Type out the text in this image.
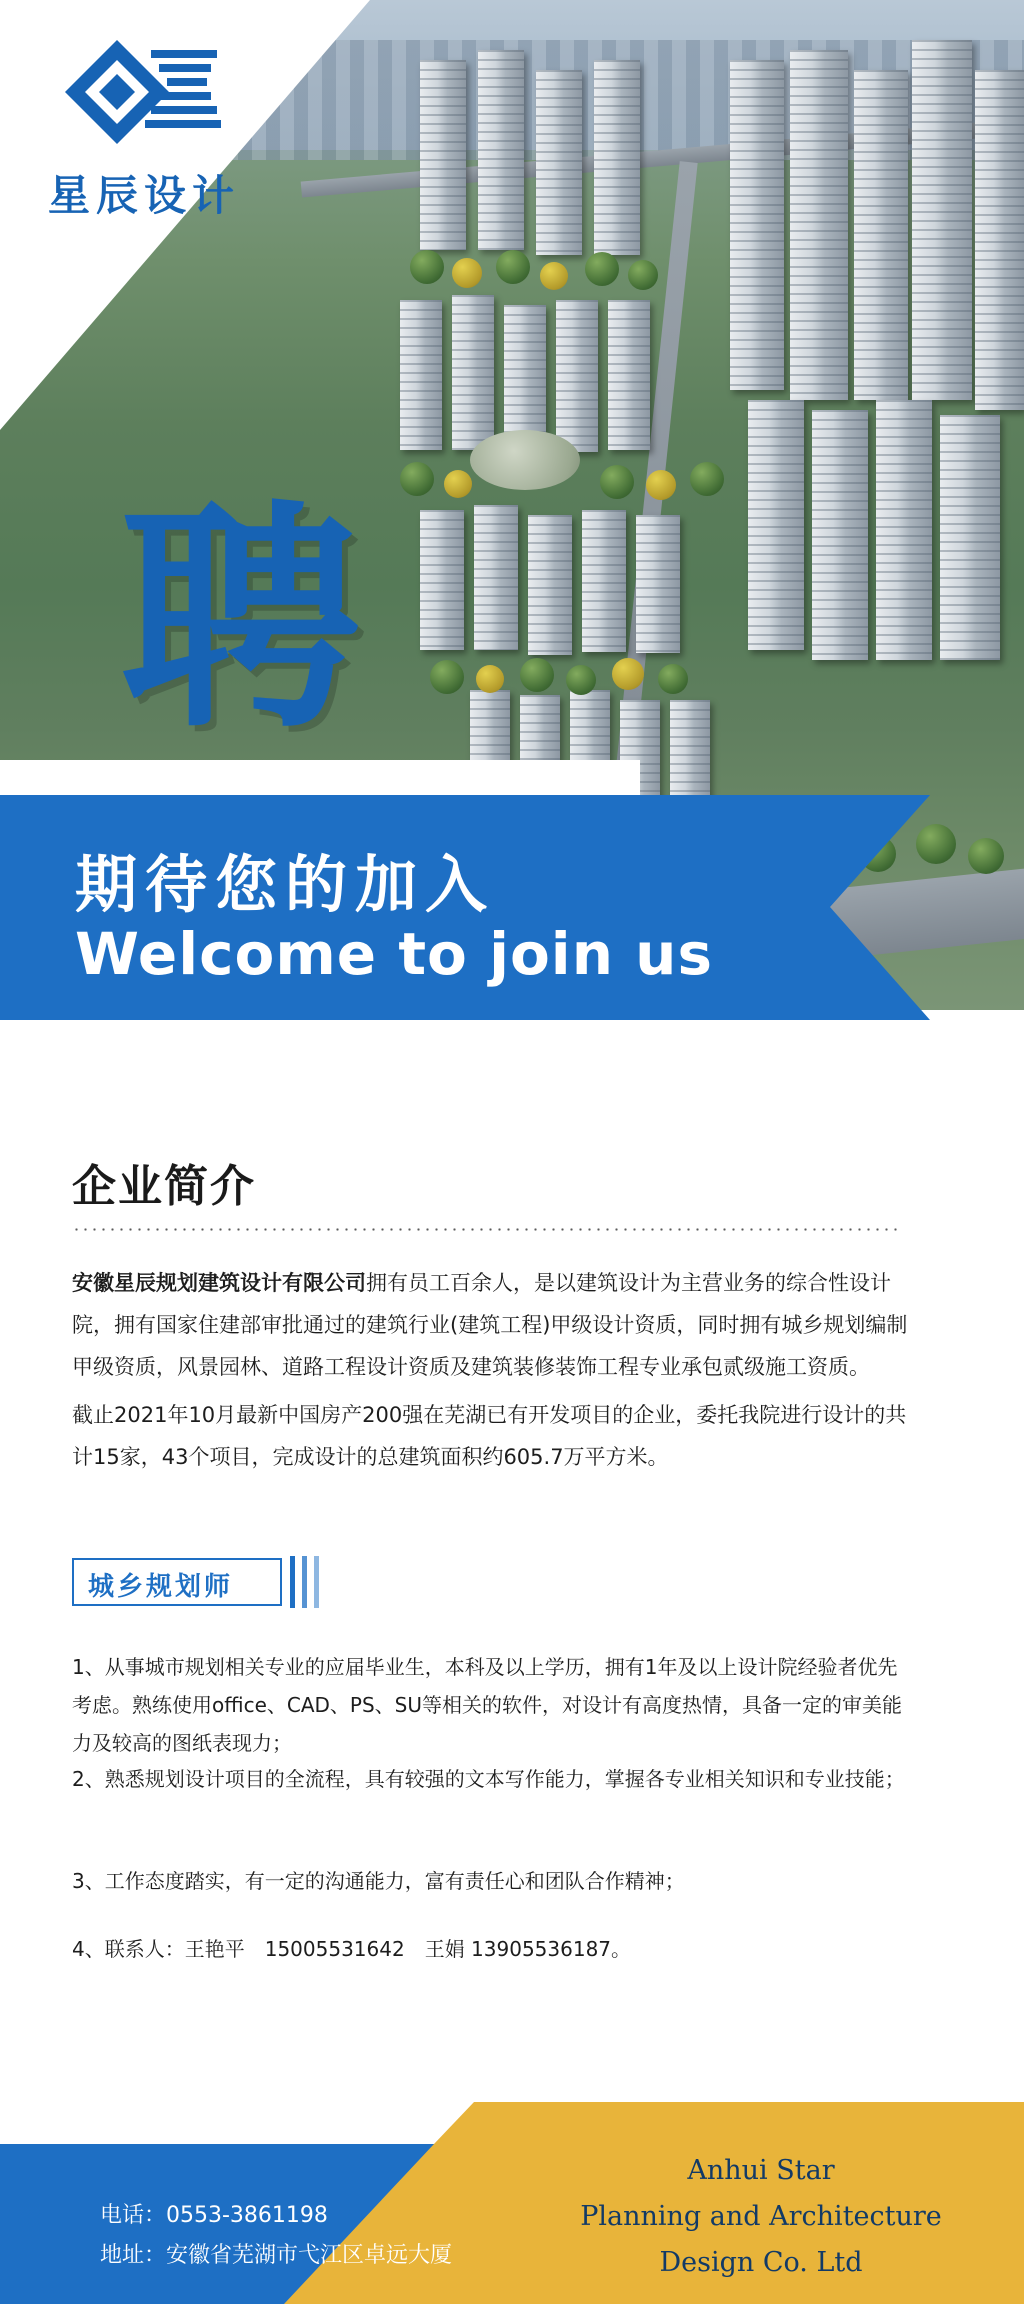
星辰设计
聘
期待您的加入
Welcome to join us
企业简介

安徽星辰规划建筑设计有限公司拥有员工百余人，是以建筑设计为主营业务的综合性设计院，拥有国家住建部审批通过的建筑行业(建筑工程)甲级设计资质，同时拥有城乡规划编制甲级资质，风景园林、道路工程设计资质及建筑装修装饰工程专业承包贰级施工资质。

截止2021年10月最新中国房产200强在芜湖已有开发项目的企业，委托我院进行设计的共计15家，43个项目，完成设计的总建筑面积约605.7万平方米。

城乡规划师
1、从事城市规划相关专业的应届毕业生，本科及以上学历，拥有1年及以上设计院经验者优先考虑。熟练使用office、CAD、PS、SU等相关的软件，对设计有高度热情，具备一定的审美能力及较高的图纸表现力；
2、熟悉规划设计项目的全流程，具有较强的文本写作能力，掌握各专业相关知识和专业技能；
3、工作态度踏实，有一定的沟通能力，富有责任心和团队合作精神；
4、联系人：王艳平　15005531642　王娟 13905536187。
电话：0553-3861198
地址：安徽省芜湖市弋江区卓远大厦
Anhui Star
Planning and Architecture
Design Co. Ltd
